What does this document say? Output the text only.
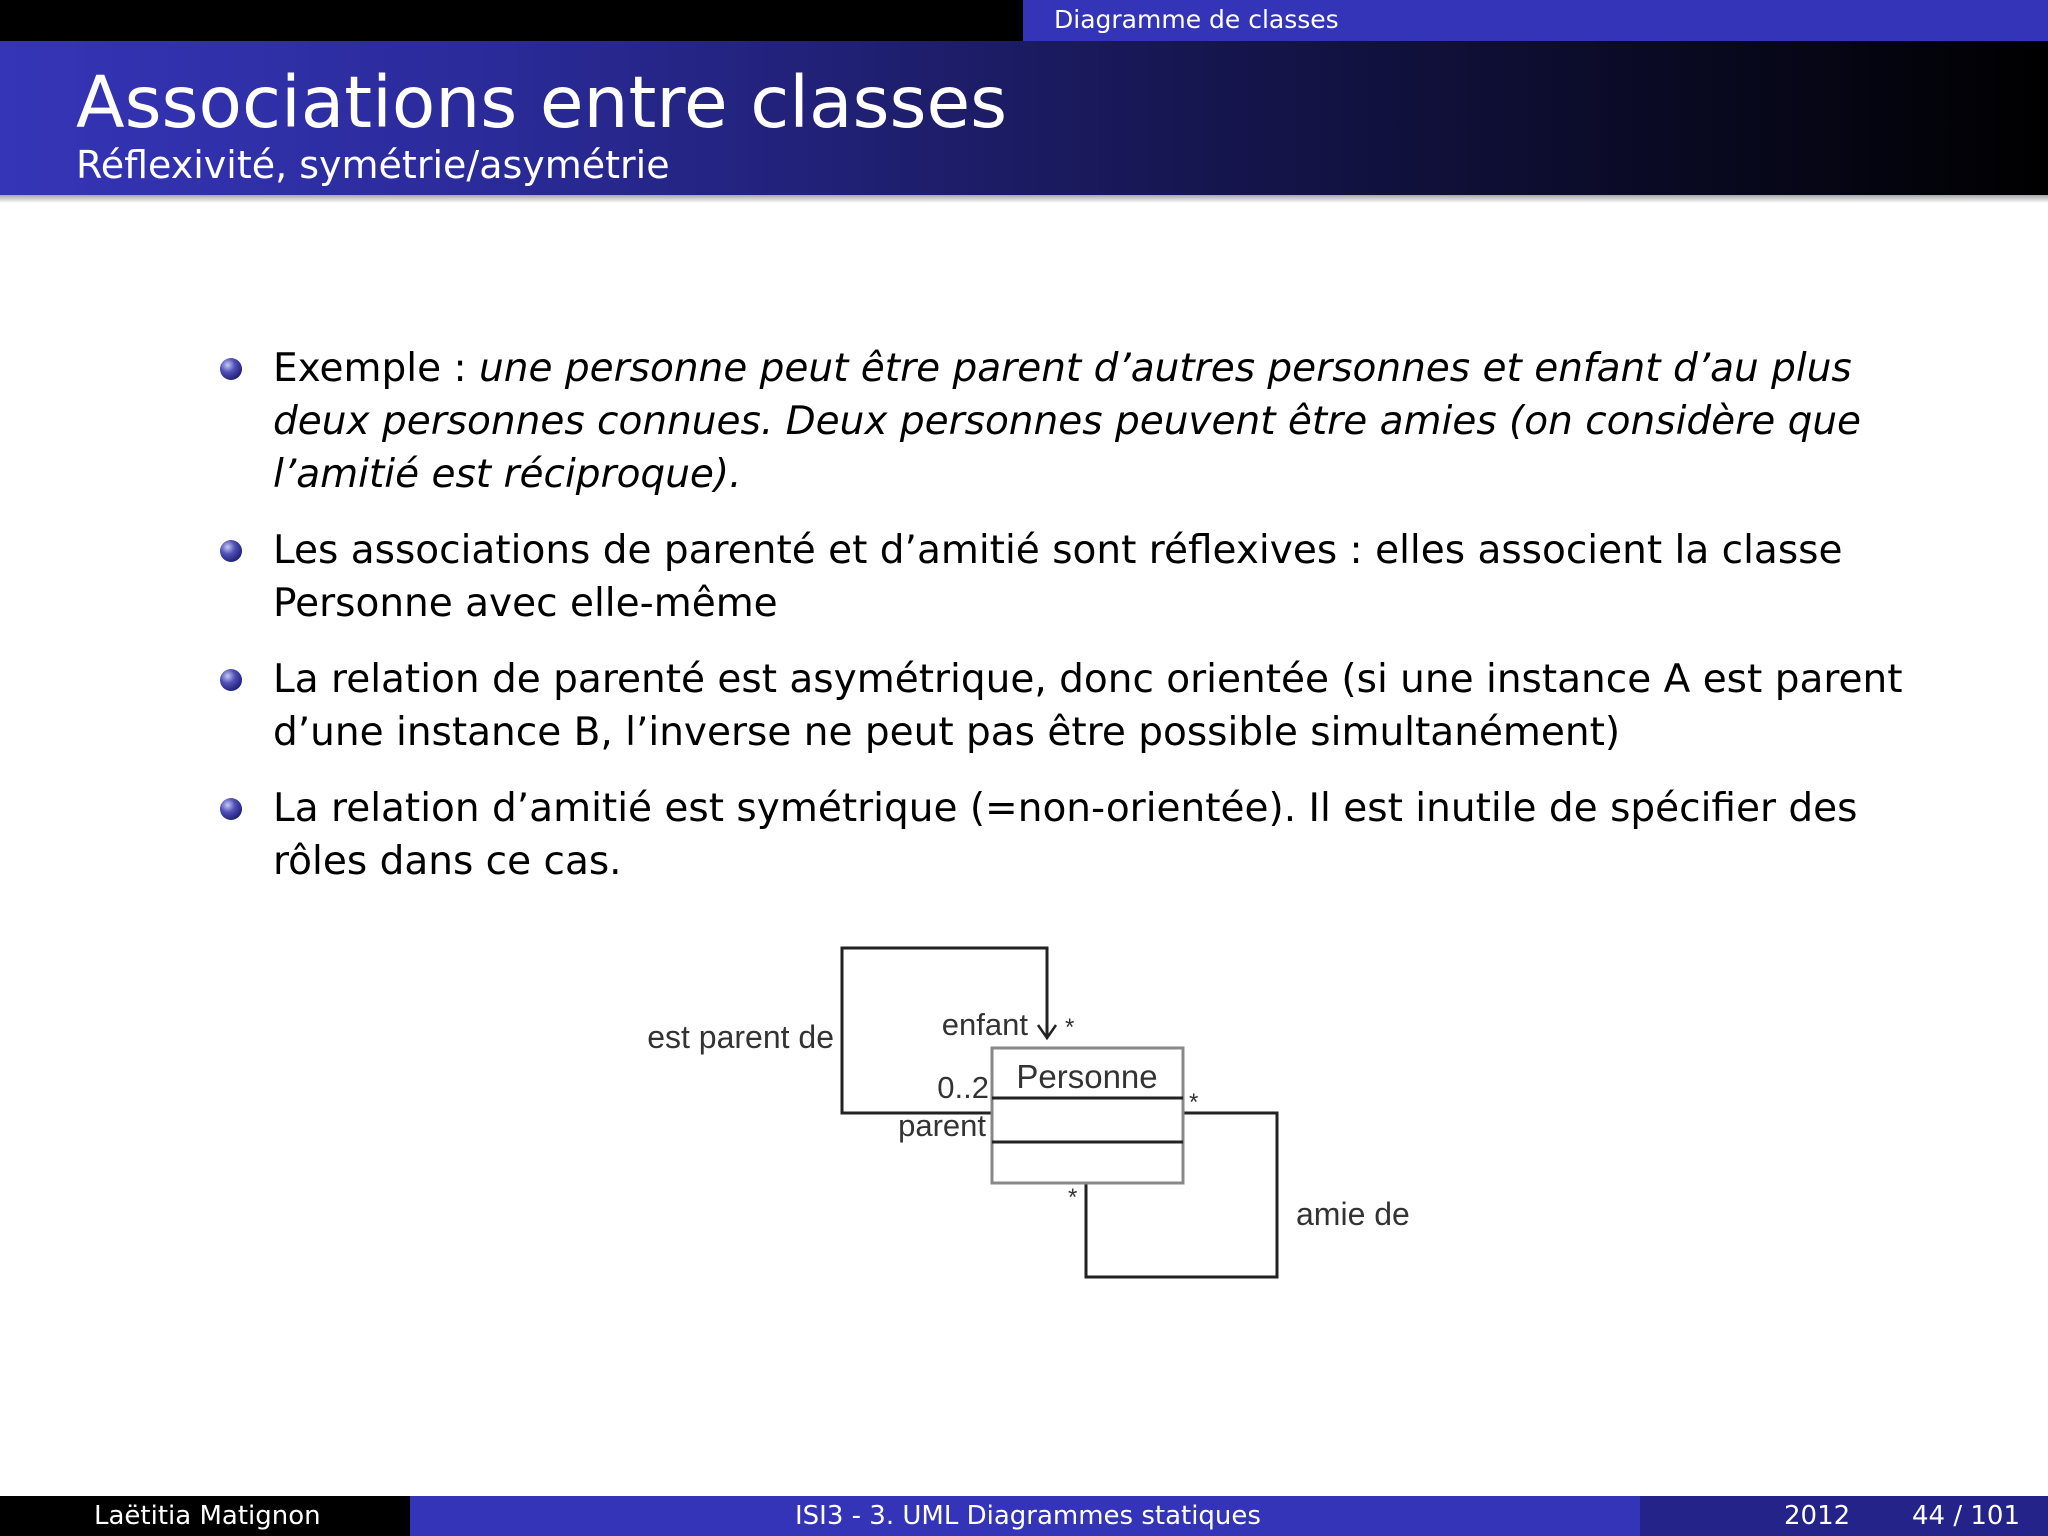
Diagramme de classes
Associations entre classes
Réflexivité, symétrie/asymétrie
Exemple : une personne peut être parent d’autres personnes et enfant d’au plus deux personnes connues. Deux personnes peuvent être amies (on considère que l’amitié est réciproque).
Les associations de parenté et d’amitié sont réflexives : elles associent la classe Personne avec elle-même
La relation de parenté est asymétrique, donc orientée (si une instance A est parent d’une instance B, l’inverse ne peut pas être possible simultanément)
La relation d’amitié est symétrique (=non-orientée). Il est inutile de spécifier des rôles dans ce cas.
Personne
est parent de	enfant *
0..2
parent
*
*	amie de
Laëtitia Matignon	ISI3 - 3. UML Diagrammes statiques	2012 44 / 101
